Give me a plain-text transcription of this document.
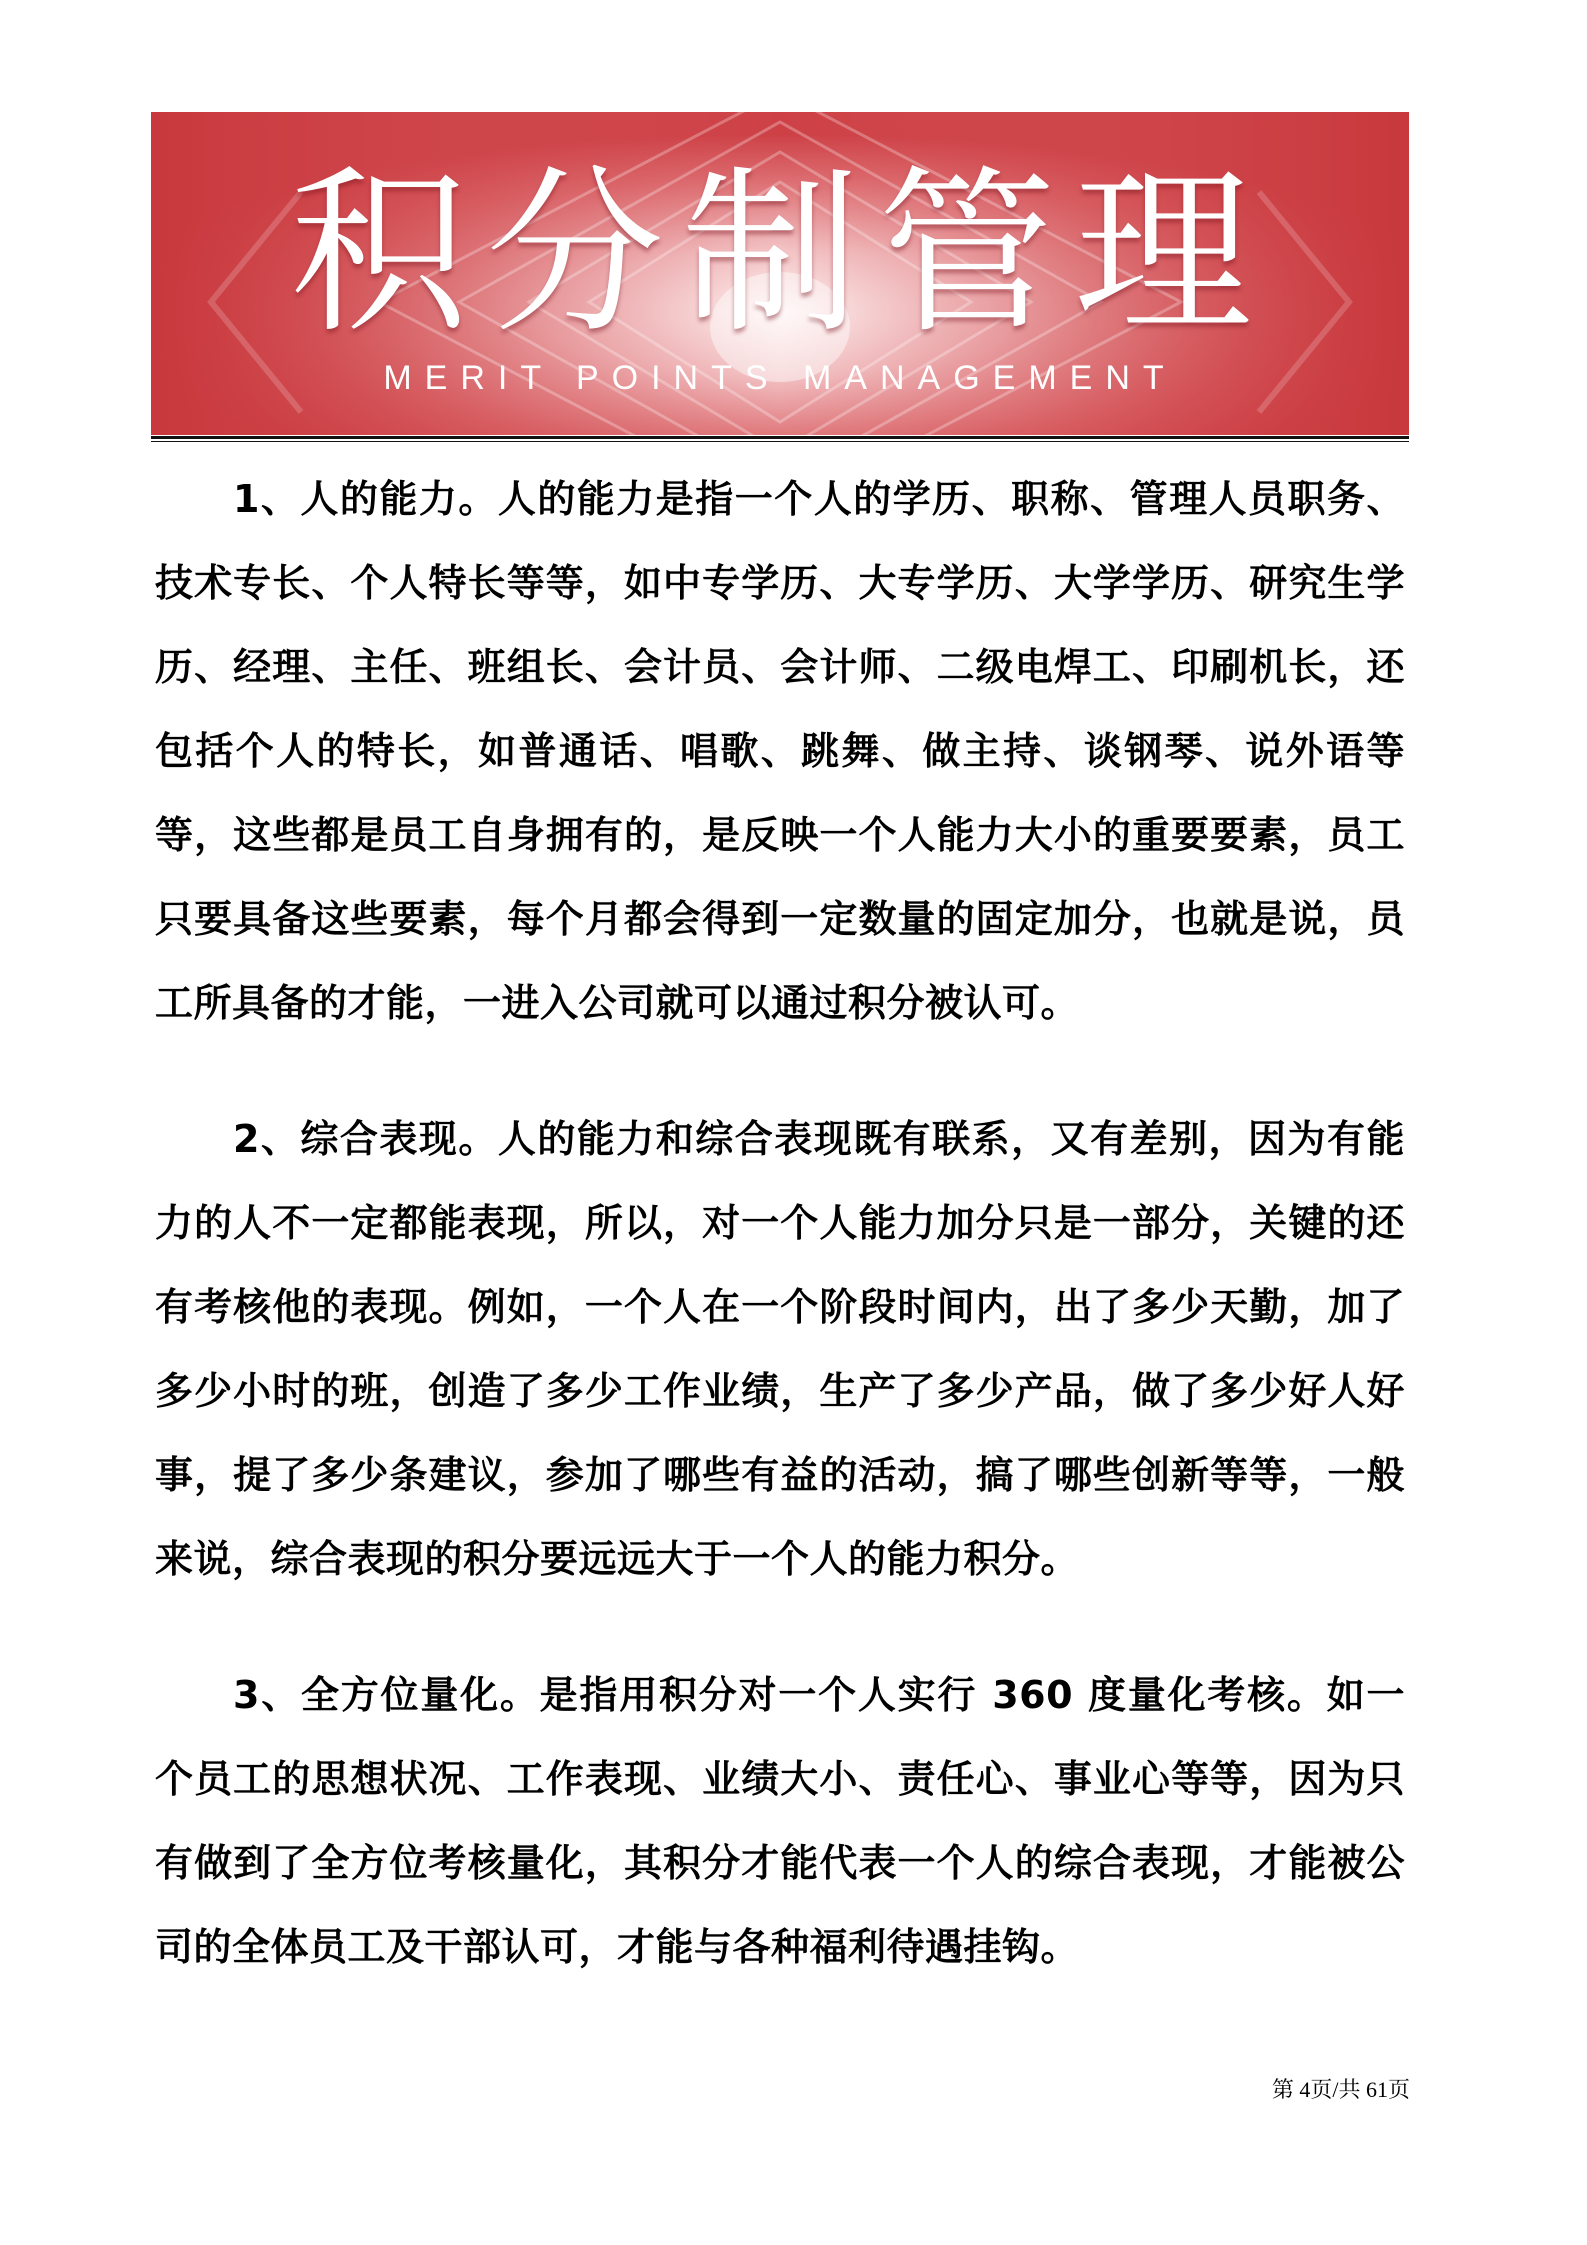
积分制管理
MERIT POINTS MANAGEMENT

1、人的能力。人的能力是指一个人的学历、职称、管理人员职务、技术专长、个人特长等等，如中专学历、大专学历、大学学历、研究生学历、经理、主任、班组长、会计员、会计师、二级电焊工、印刷机长，还包括个人的特长，如普通话、唱歌、跳舞、做主持、谈钢琴、说外语等等，这些都是员工自身拥有的，是反映一个人能力大小的重要要素，员工只要具备这些要素，每个月都会得到一定数量的固定加分，也就是说，员工所具备的才能，一进入公司就可以通过积分被认可。

2、综合表现。人的能力和综合表现既有联系，又有差别，因为有能力的人不一定都能表现，所以，对一个人能力加分只是一部分，关键的还有考核他的表现。例如，一个人在一个阶段时间内，出了多少天勤，加了多少小时的班，创造了多少工作业绩，生产了多少产品，做了多少好人好事，提了多少条建议，参加了哪些有益的活动，搞了哪些创新等等，一般来说，综合表现的积分要远远大于一个人的能力积分。

3、全方位量化。是指用积分对一个人实行 360 度量化考核。如一个员工的思想状况、工作表现、业绩大小、责任心、事业心等等，因为只有做到了全方位考核量化，其积分才能代表一个人的综合表现，才能被公司的全体员工及干部认可，才能与各种福利待遇挂钩。

第 4页/共 61页
